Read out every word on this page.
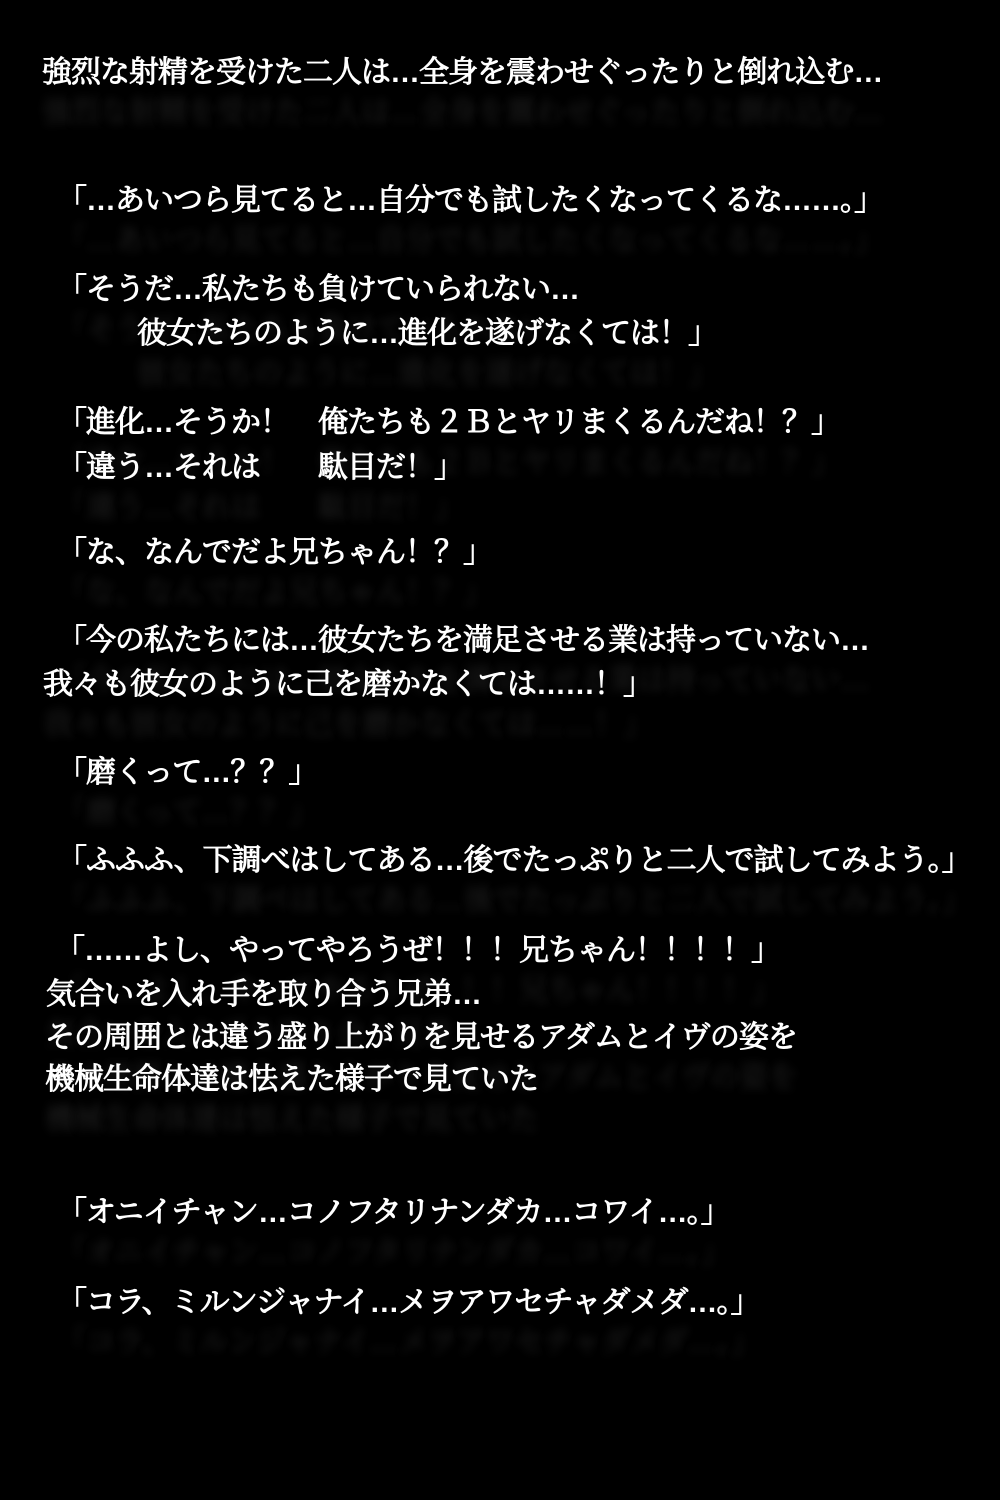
強烈な射精を受けた二人は…全身を震わせぐったりと倒れ込む…

「…あいつら見てると…自分でも試したくなってくるな……。」

「そうだ…私たちも負けていられない…

彼女たちのように…進化を遂げなくては！」

「進化…そうか！　俺たちも２Ｂとヤリまくるんだね！？」

「違う…それは　　駄目だ！」

「な、なんでだよ兄ちゃん！？」

「今の私たちには…彼女たちを満足させる業は持っていない…

我々も彼女のように己を磨かなくては……！」

「磨くって…？？」

「ふふふ、下調べはしてある…後でたっぷりと二人で試してみよう。」

「……よし、やってやろうぜ！！！兄ちゃん！！！！」

気合いを入れ手を取り合う兄弟…

その周囲とは違う盛り上がりを見せるアダムとイヴの姿を

機械生命体達は怯えた様子で見ていた

「オニイチャン…コノフタリナンダカ…コワイ…。」

「コラ、ミルンジャナイ…メヲアワセチャダメダ…。」
